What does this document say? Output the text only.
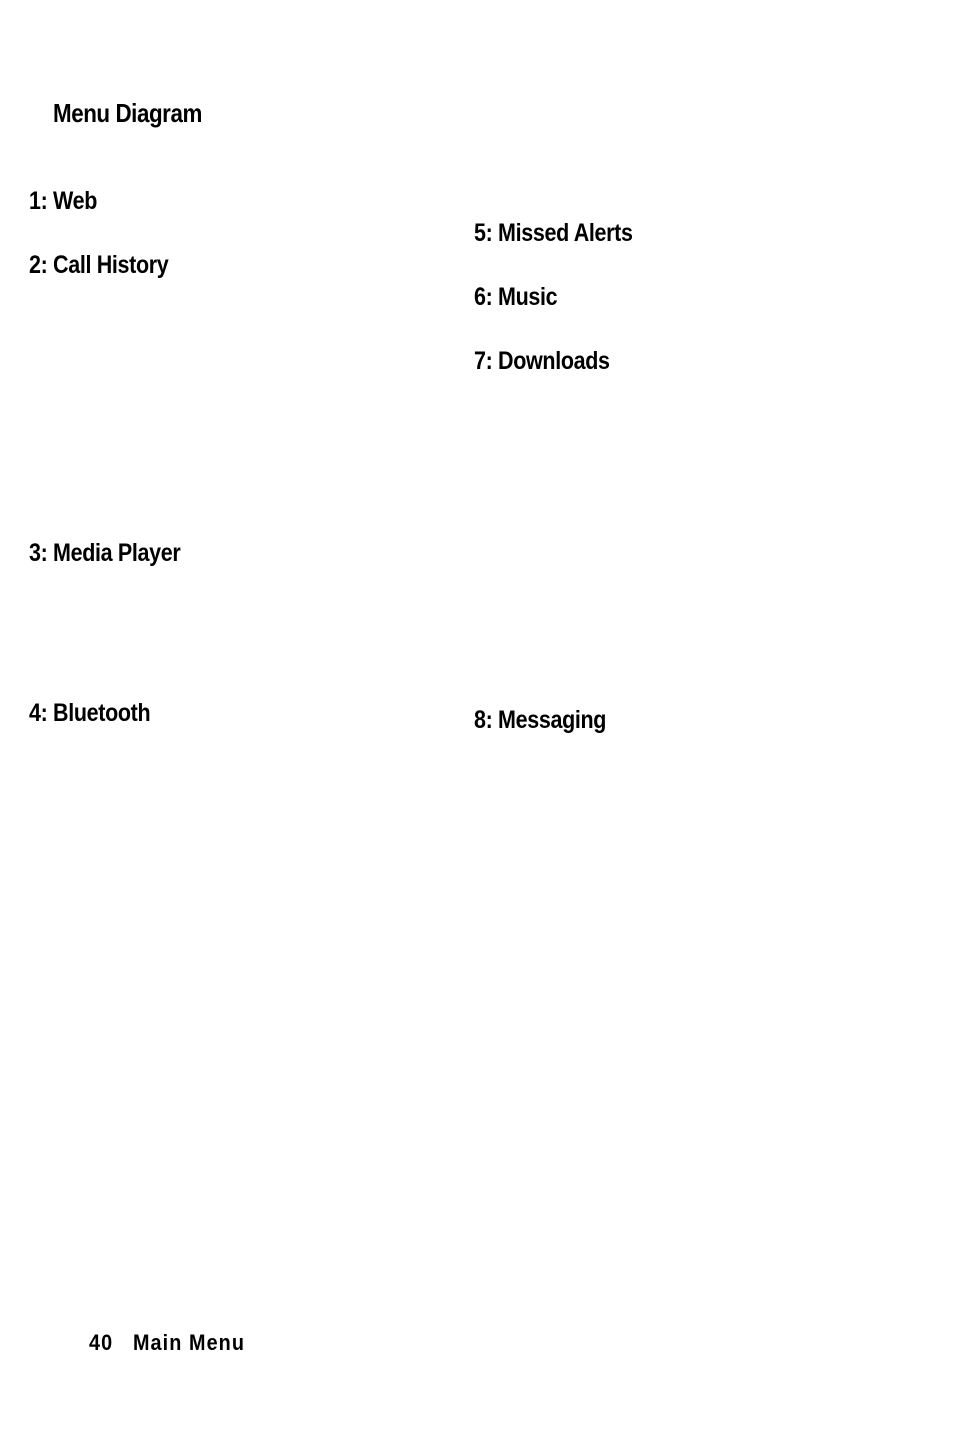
Menu Diagram
1: Web
2: Call History
3: Media Player
4: Bluetooth
5: Missed Alerts
6: Music
7: Downloads
8: Messaging
40 Main Menu
